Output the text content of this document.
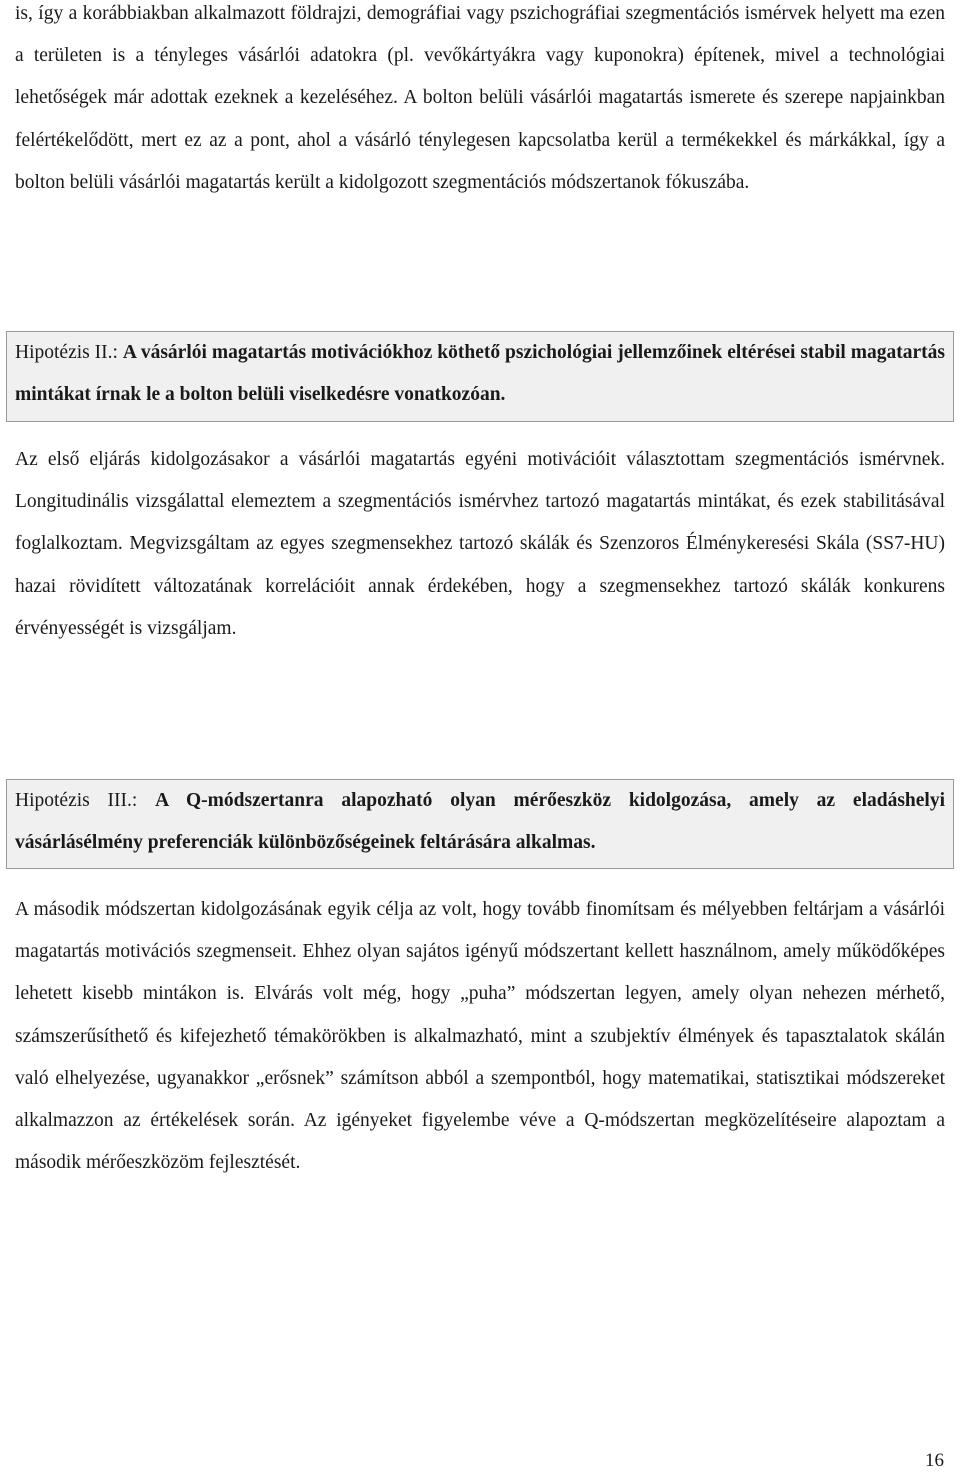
is, így a korábbiakban alkalmazott földrajzi, demográfiai vagy pszichográfiai szegmentációs ismérvek helyett ma ezen a területen is a tényleges vásárlói adatokra (pl. vevőkártyákra vagy kuponokra) építenek, mivel a technológiai lehetőségek már adottak ezeknek a kezeléséhez. A bolton belüli vásárlói magatartás ismerete és szerepe napjainkban felértékelődött, mert ez az a pont, ahol a vásárló ténylegesen kapcsolatba kerül a termékekkel és márkákkal, így a bolton belüli vásárlói magatartás került a kidolgozott szegmentációs módszertanok fókuszába.

Hipotézis II.: A vásárlói magatartás motivációkhoz köthető pszichológiai jellemzőinek eltérései stabil magatartás mintákat írnak le a bolton belüli viselkedésre vonatkozóan.

Az első eljárás kidolgozásakor a vásárlói magatartás egyéni motivációit választottam szegmentációs ismérvnek. Longitudinális vizsgálattal elemeztem a szegmentációs ismérvhez tartozó magatartás mintákat, és ezek stabilitásával foglalkoztam. Megvizsgáltam az egyes szegmensekhez tartozó skálák és Szenzoros Élménykeresési Skála (SS7-HU) hazai rövidített változatának korrelációit annak érdekében, hogy a szegmensekhez tartozó skálák konkurens érvényességét is vizsgáljam.

Hipotézis III.: A Q-módszertanra alapozható olyan mérőeszköz kidolgozása, amely az eladáshelyi vásárlásélmény preferenciák különbözőségeinek feltárására alkalmas.

A második módszertan kidolgozásának egyik célja az volt, hogy tovább finomítsam és mélyebben feltárjam a vásárlói magatartás motivációs szegmenseit. Ehhez olyan sajátos igényű módszertant kellett használnom, amely működőképes lehetett kisebb mintákon is. Elvárás volt még, hogy „puha” módszertan legyen, amely olyan nehezen mérhető, számszerűsíthető és kifejezhető témakörökben is alkalmazható, mint a szubjektív élmények és tapasztalatok skálán való elhelyezése, ugyanakkor „erősnek” számítson abból a szempontból, hogy matematikai, statisztikai módszereket alkalmazzon az értékelések során. Az igényeket figyelembe véve a Q-módszertan megközelítéseire alapoztam a második mérőeszközöm fejlesztését.

16
